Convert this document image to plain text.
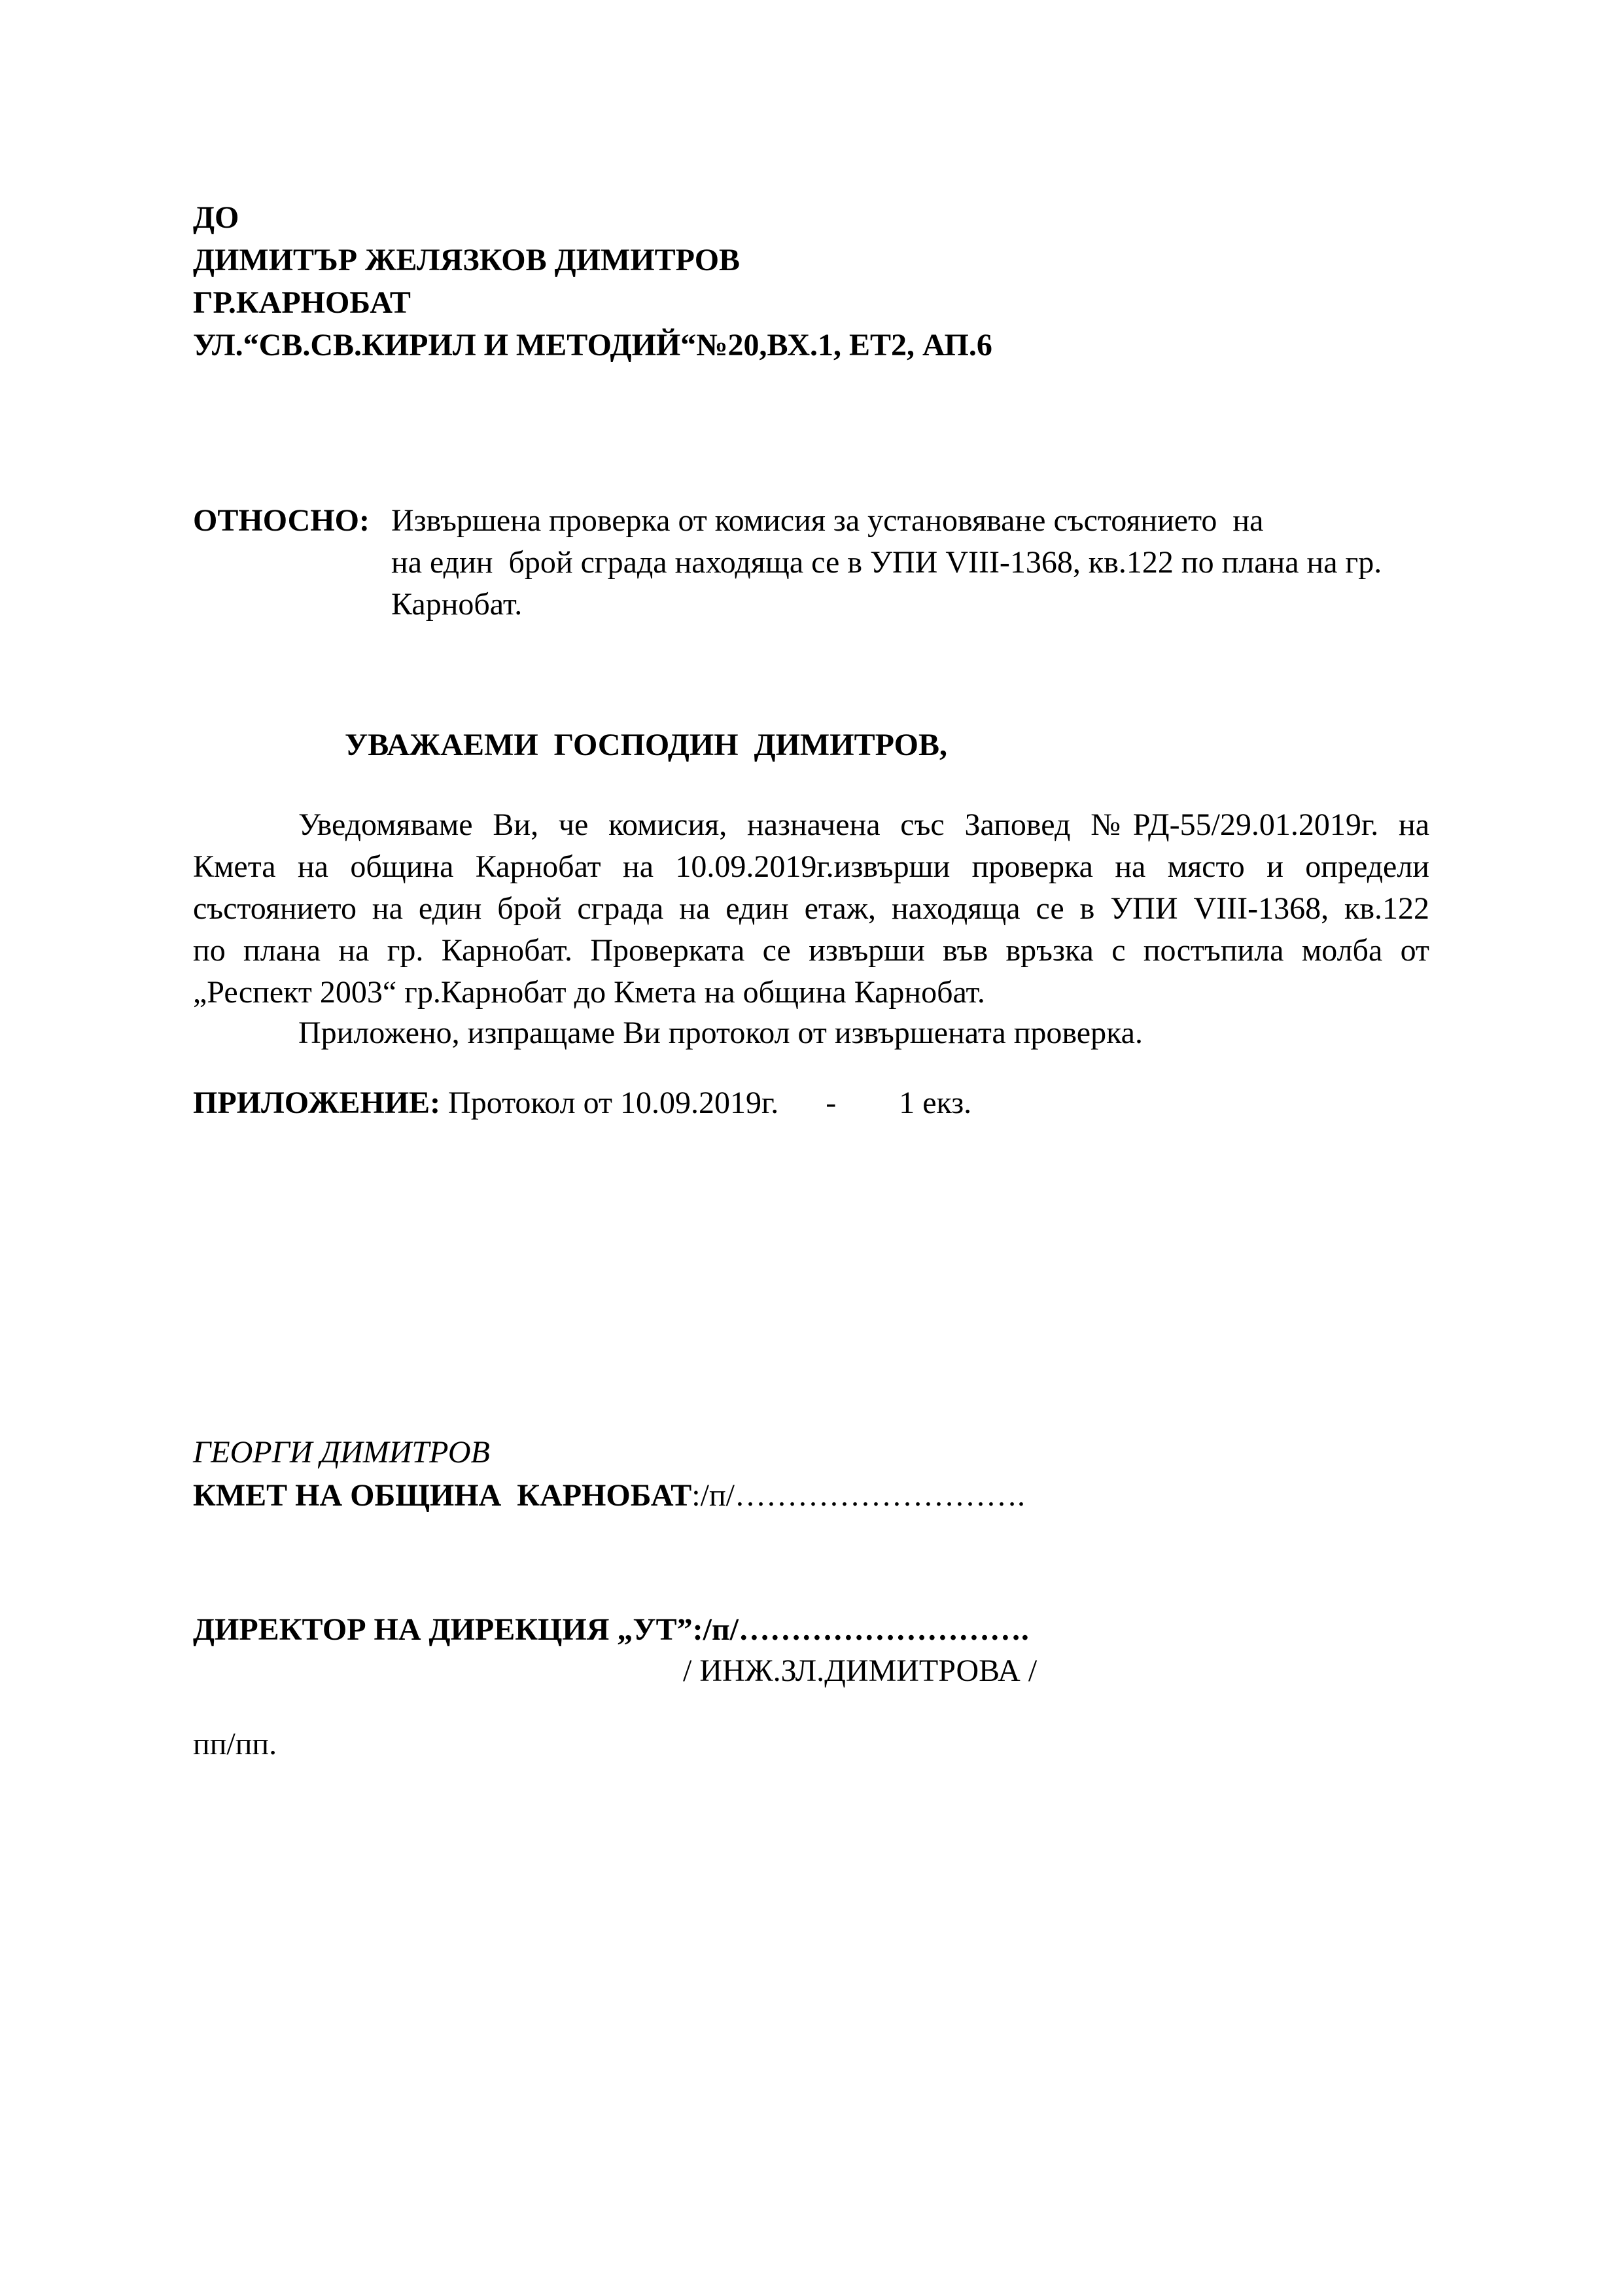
ДО
ДИМИТЪР ЖЕЛЯЗКОВ ДИМИТРОВ
ГР.КАРНОБАТ
УЛ.“СВ.СВ.КИРИЛ И МЕТОДИЙ“№20,ВХ.1, ЕТ2, АП.6
ОТНОСНО: Извършена проверка от комисия за установяване състоянието  на
на един  брой сграда находяща се в УПИ VIII-1368, кв.122 по плана на гр.
Карнобат.
УВАЖАЕМИ  ГОСПОДИН  ДИМИТРОВ,
Уведомяваме Ви, че комисия, назначена със Заповед №РД-55/29.01.2019г. на
Кмета на община Карнобат на 10.09.2019г.извърши проверка на място и определи
състоянието на един брой сграда на един етаж, находяща се в УПИ VIII-1368, кв.122
по плана на гр. Карнобат. Проверката се извърши във връзка с постъпила молба от
„Респект 2003“ гр.Карнобат до Кмета на община Карнобат.
Приложено, изпращаме Ви протокол от извършената проверка.
ПРИЛОЖЕНИЕ: Протокол от 10.09.2019г.      -        1 екз.
ГЕОРГИ ДИМИТРОВ
КМЕТ НА ОБЩИНА  КАРНОБАТ:/п/……………………….
ДИРЕКТОР НА ДИРЕКЦИЯ „УТ”:/п/……………………….
/ ИНЖ.ЗЛ.ДИМИТРОВА /
пп/пп.
